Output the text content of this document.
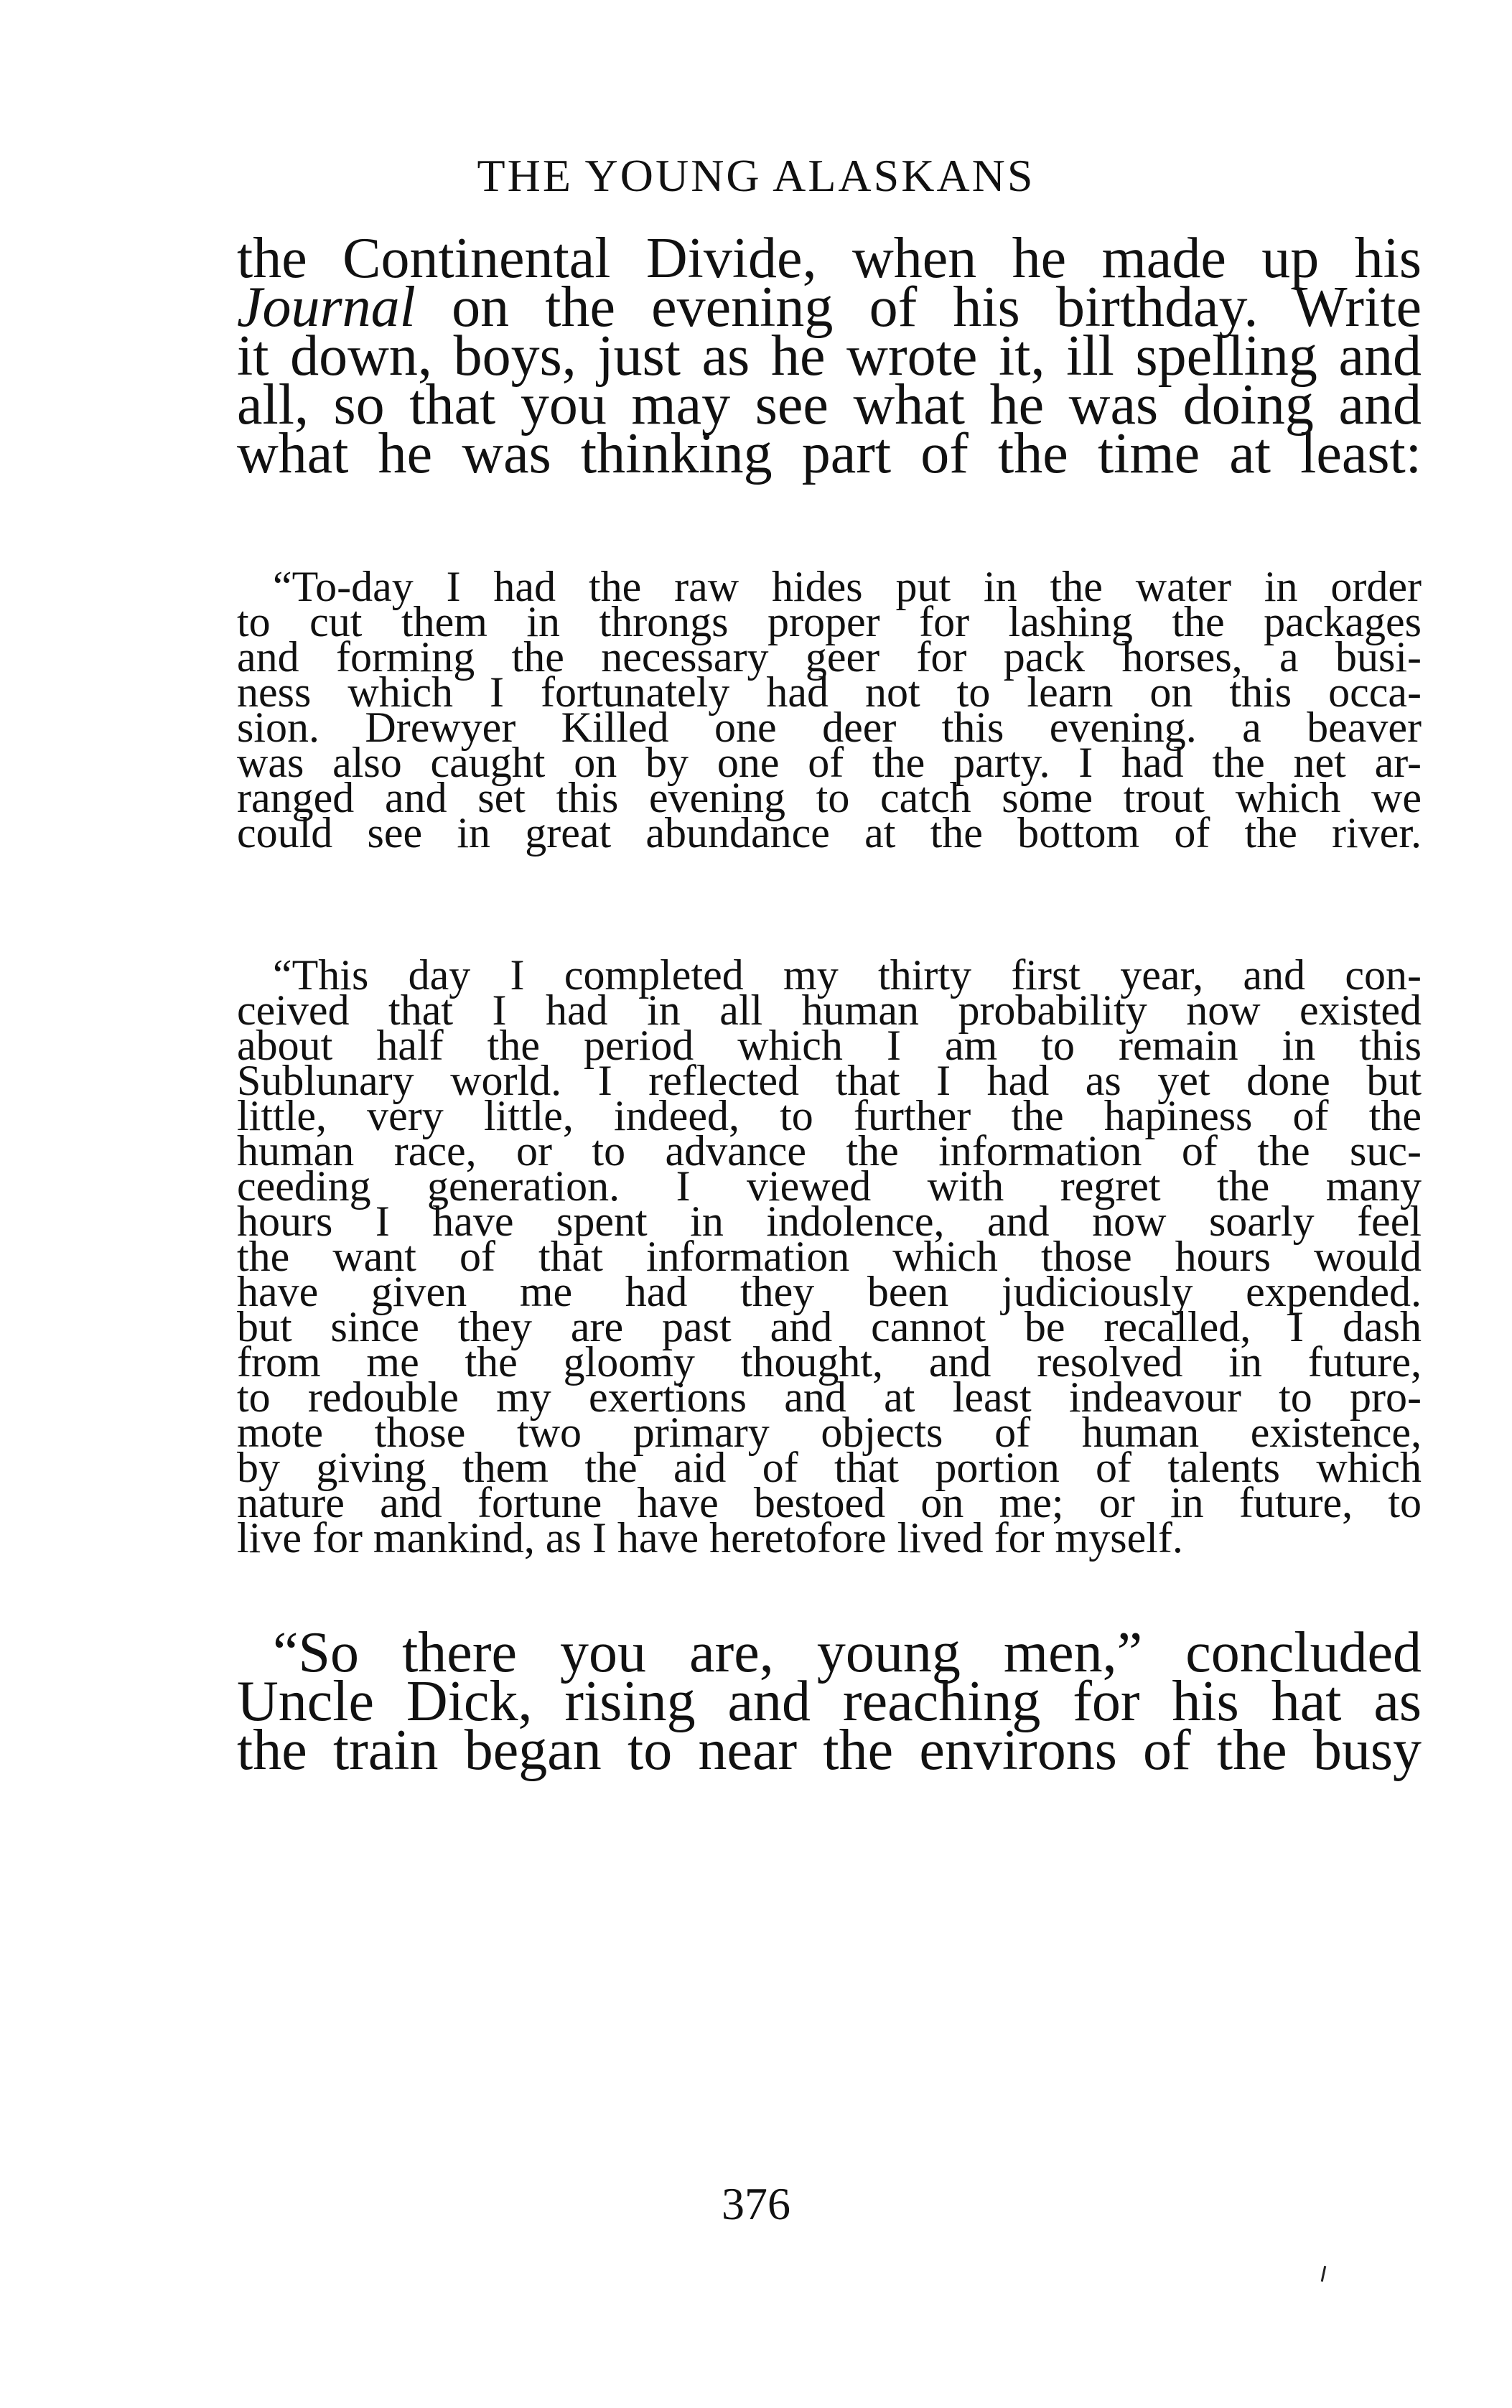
THE YOUNG ALASKANS
the Continental Divide, when he made up his
Journal on the evening of his birthday. Write
it down, boys, just as he wrote it, ill spelling and
all, so that you may see what he was doing and
what he was thinking part of the time at least:
“To-day I had the raw hides put in the water in order
to cut them in throngs proper for lashing the packages
and forming the necessary geer for pack horses, a busi-
ness which I fortunately had not to learn on this occa-
sion. Drewyer Killed one deer this evening. a beaver
was also caught on by one of the party. I had the net ar-
ranged and set this evening to catch some trout which we
could see in great abundance at the bottom of the river.
“This day I completed my thirty first year, and con-
ceived that I had in all human probability now existed
about half the period which I am to remain in this
Sublunary world. I reflected that I had as yet done but
little, very little, indeed, to further the hapiness of the
human race, or to advance the information of the suc-
ceeding generation. I viewed with regret the many
hours I have spent in indolence, and now soarly feel
the want of that information which those hours would
have given me had they been judiciously expended.
but since they are past and cannot be recalled, I dash
from me the gloomy thought, and resolved in future,
to redouble my exertions and at least indeavour to pro-
mote those two primary objects of human existence,
by giving them the aid of that portion of talents which
nature and fortune have bestoed on me; or in future, to
live for mankind, as I have heretofore lived for myself.
“So there you are, young men,” concluded
Uncle Dick, rising and reaching for his hat as
the train began to near the environs of the busy
376
